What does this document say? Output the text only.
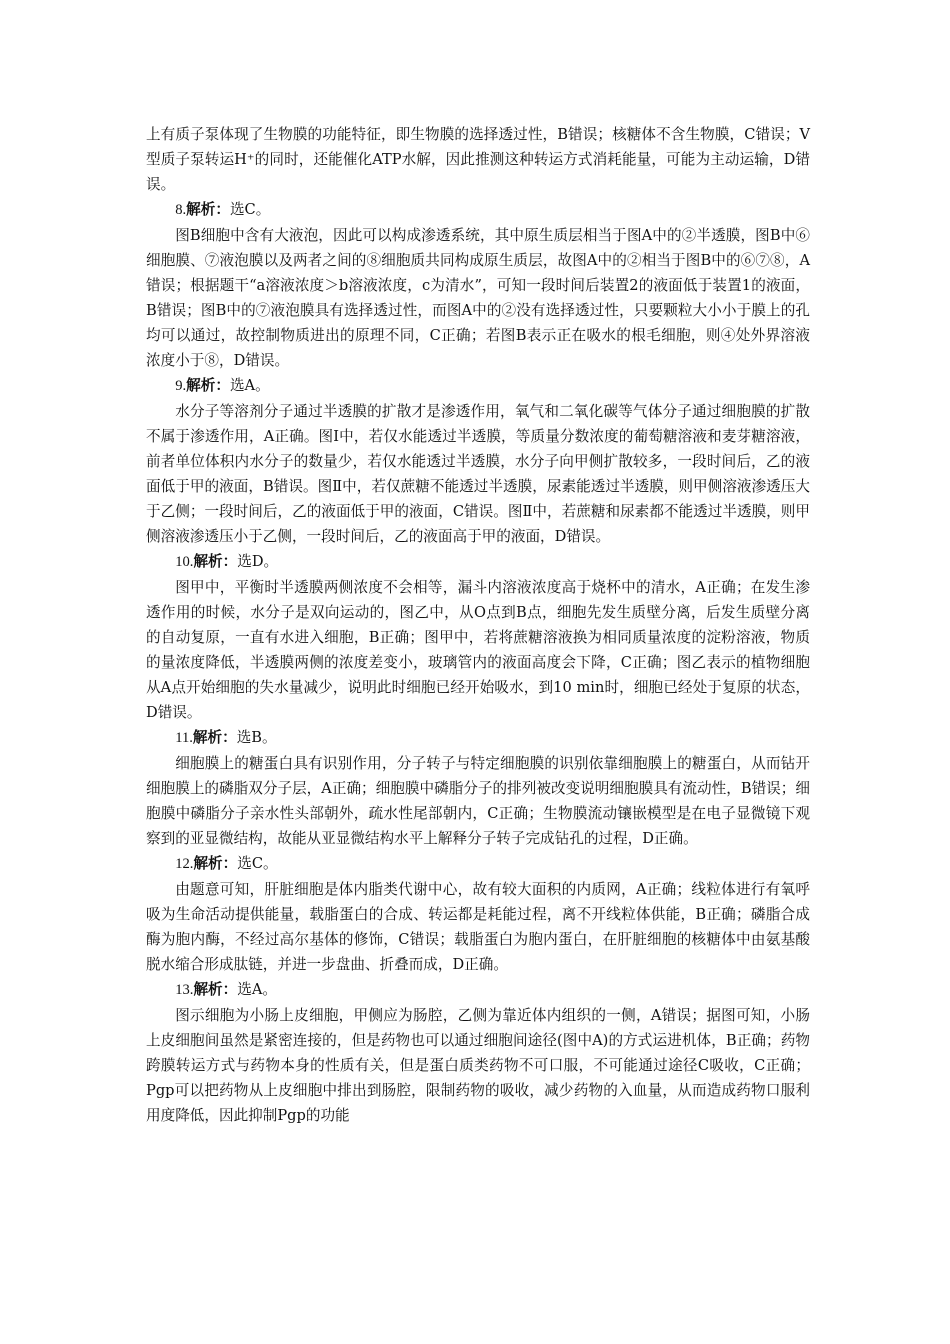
上有质子泵体现了生物膜的功能特征，即生物膜的选择透过性，B错误；核糖体不含生物膜，C错误；V型质子泵转运H⁺的同时，还能催化ATP水解，因此推测这种转运方式消耗能量，可能为主动运输，D错误。

8.解析：选C。

图B细胞中含有大液泡，因此可以构成渗透系统，其中原生质层相当于图A中的②半透膜，图B中⑥细胞膜、⑦液泡膜以及两者之间的⑧细胞质共同构成原生质层，故图A中的②相当于图B中的⑥⑦⑧，A错误；根据题干“a溶液浓度＞b溶液浓度，c为清水”，可知一段时间后装置2的液面低于装置1的液面，B错误；图B中的⑦液泡膜具有选择透过性，而图A中的②没有选择透过性，只要颗粒大小小于膜上的孔均可以通过，故控制物质进出的原理不同，C正确；若图B表示正在吸水的根毛细胞，则④处外界溶液浓度小于⑧，D错误。

9.解析：选A。

水分子等溶剂分子通过半透膜的扩散才是渗透作用，氧气和二氧化碳等气体分子通过细胞膜的扩散不属于渗透作用，A正确。图Ⅰ中，若仅水能透过半透膜，等质量分数浓度的葡萄糖溶液和麦芽糖溶液，前者单位体积内水分子的数量少，若仅水能透过半透膜，水分子向甲侧扩散较多，一段时间后，乙的液面低于甲的液面，B错误。图Ⅱ中，若仅蔗糖不能透过半透膜，尿素能透过半透膜，则甲侧溶液渗透压大于乙侧；一段时间后，乙的液面低于甲的液面，C错误。图Ⅱ中，若蔗糖和尿素都不能透过半透膜，则甲侧溶液渗透压小于乙侧，一段时间后，乙的液面高于甲的液面，D错误。

10.解析：选D。

图甲中，平衡时半透膜两侧浓度不会相等，漏斗内溶液浓度高于烧杯中的清水，A正确；在发生渗透作用的时候，水分子是双向运动的，图乙中，从O点到B点，细胞先发生质壁分离，后发生质壁分离的自动复原，一直有水进入细胞，B正确；图甲中，若将蔗糖溶液换为相同质量浓度的淀粉溶液，物质的量浓度降低，半透膜两侧的浓度差变小，玻璃管内的液面高度会下降，C正确；图乙表示的植物细胞从A点开始细胞的失水量减少，说明此时细胞已经开始吸水，到10 min时，细胞已经处于复原的状态，D错误。

11.解析：选B。

细胞膜上的糖蛋白具有识别作用，分子转子与特定细胞膜的识别依靠细胞膜上的糖蛋白，从而钻开细胞膜上的磷脂双分子层，A正确；细胞膜中磷脂分子的排列被改变说明细胞膜具有流动性，B错误；细胞膜中磷脂分子亲水性头部朝外，疏水性尾部朝内，C正确；生物膜流动镶嵌模型是在电子显微镜下观察到的亚显微结构，故能从亚显微结构水平上解释分子转子完成钻孔的过程，D正确。

12.解析：选C。

由题意可知，肝脏细胞是体内脂类代谢中心，故有较大面积的内质网，A正确；线粒体进行有氧呼吸为生命活动提供能量，载脂蛋白的合成、转运都是耗能过程，离不开线粒体供能，B正确；磷脂合成酶为胞内酶，不经过高尔基体的修饰，C错误；载脂蛋白为胞内蛋白，在肝脏细胞的核糖体中由氨基酸脱水缩合形成肽链，并进一步盘曲、折叠而成，D正确。

13.解析：选A。

图示细胞为小肠上皮细胞，甲侧应为肠腔，乙侧为靠近体内组织的一侧，A错误；据图可知，小肠上皮细胞间虽然是紧密连接的，但是药物也可以通过细胞间途径(图中A)的方式运进机体，B正确；药物跨膜转运方式与药物本身的性质有关，但是蛋白质类药物不可口服，不可能通过途径C吸收，C正确；Pgp可以把药物从上皮细胞中排出到肠腔，限制药物的吸收，减少药物的入血量，从而造成药物口服利用度降低，因此抑制Pgp的功能
